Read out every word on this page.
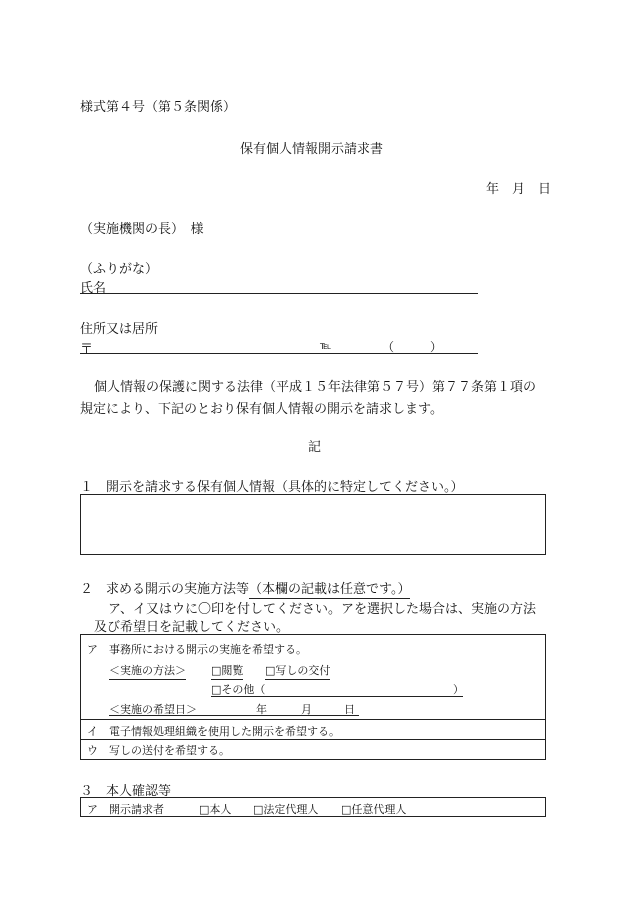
様式第４号（第５条関係）
保有個人情報開示請求書
年　月　日
（実施機関の長）　様
（ふりがな）
氏名
住所又は居所
〒	℡	（　　　）
個人情報の保護に関する法律（平成１５年法律第５７号）第７７条第１項の
規定により、下記のとおり保有個人情報の開示を請求します。
記
１　開示を請求する保有個人情報（具体的に特定してください。）
２　求める開示の実施方法等（本欄の記載は任意です。）
ア、イ又はウに〇印を付してください。アを選択した場合は、実施の方法
及び希望日を記載してください。
ア　事務所における開示の実施を希望する。
＜実施の方法＞ □閲覧 □写しの交付
□その他（	）
＜実施の希望日＞	年	月	日
イ　電子情報処理組織を使用した開示を希望する。
ウ　写しの送付を希望する。
３　本人確認等
ア　開示請求者	□本人 □法定代理人 □任意代理人
